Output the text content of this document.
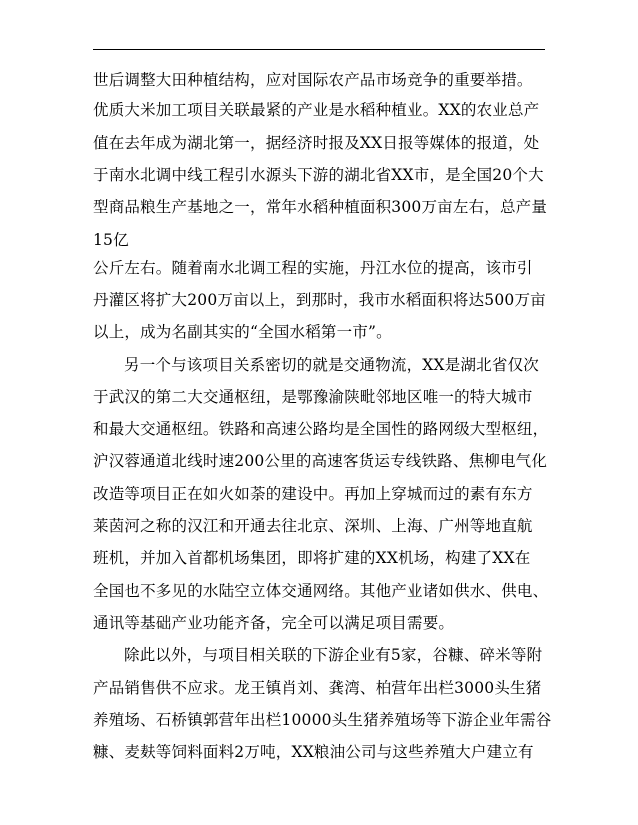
世后调整大田种植结构，应对国际农产品市场竞争的重要举措。
优质大米加工项目关联最紧的产业是水稻种植业。XX的农业总产
值在去年成为湖北第一，据经济时报及XX日报等媒体的报道，处
于南水北调中线工程引水源头下游的湖北省XX市，是全国20个大
型商品粮生产基地之一，常年水稻种植面积300万亩左右，总产量
15亿
公斤左右。随着南水北调工程的实施，丹江水位的提高，该市引
丹灌区将扩大200万亩以上，到那时，我市水稻面积将达500万亩
以上，成为名副其实的“全国水稻第一市”。
另一个与该项目关系密切的就是交通物流，XX是湖北省仅次
于武汉的第二大交通枢纽，是鄂豫渝陕毗邻地区唯一的特大城市
和最大交通枢纽。铁路和高速公路均是全国性的路网级大型枢纽，
沪汉蓉通道北线时速200公里的高速客货运专线铁路、焦柳电气化
改造等项目正在如火如荼的建设中。再加上穿城而过的素有东方
莱茵河之称的汉江和开通去往北京、深圳、上海、广州等地直航
班机，并加入首都机场集团，即将扩建的XX机场，构建了XX在
全国也不多见的水陆空立体交通网络。其他产业诸如供水、供电、
通讯等基础产业功能齐备，完全可以满足项目需要。
除此以外，与项目相关联的下游企业有5家，谷糠、碎米等附
产品销售供不应求。龙王镇肖刘、龚湾、柏营年出栏3000头生猪
养殖场、石桥镇郭营年出栏10000头生猪养殖场等下游企业年需谷
糠、麦麸等饲料面料2万吨，XX粮油公司与这些养殖大户建立有
